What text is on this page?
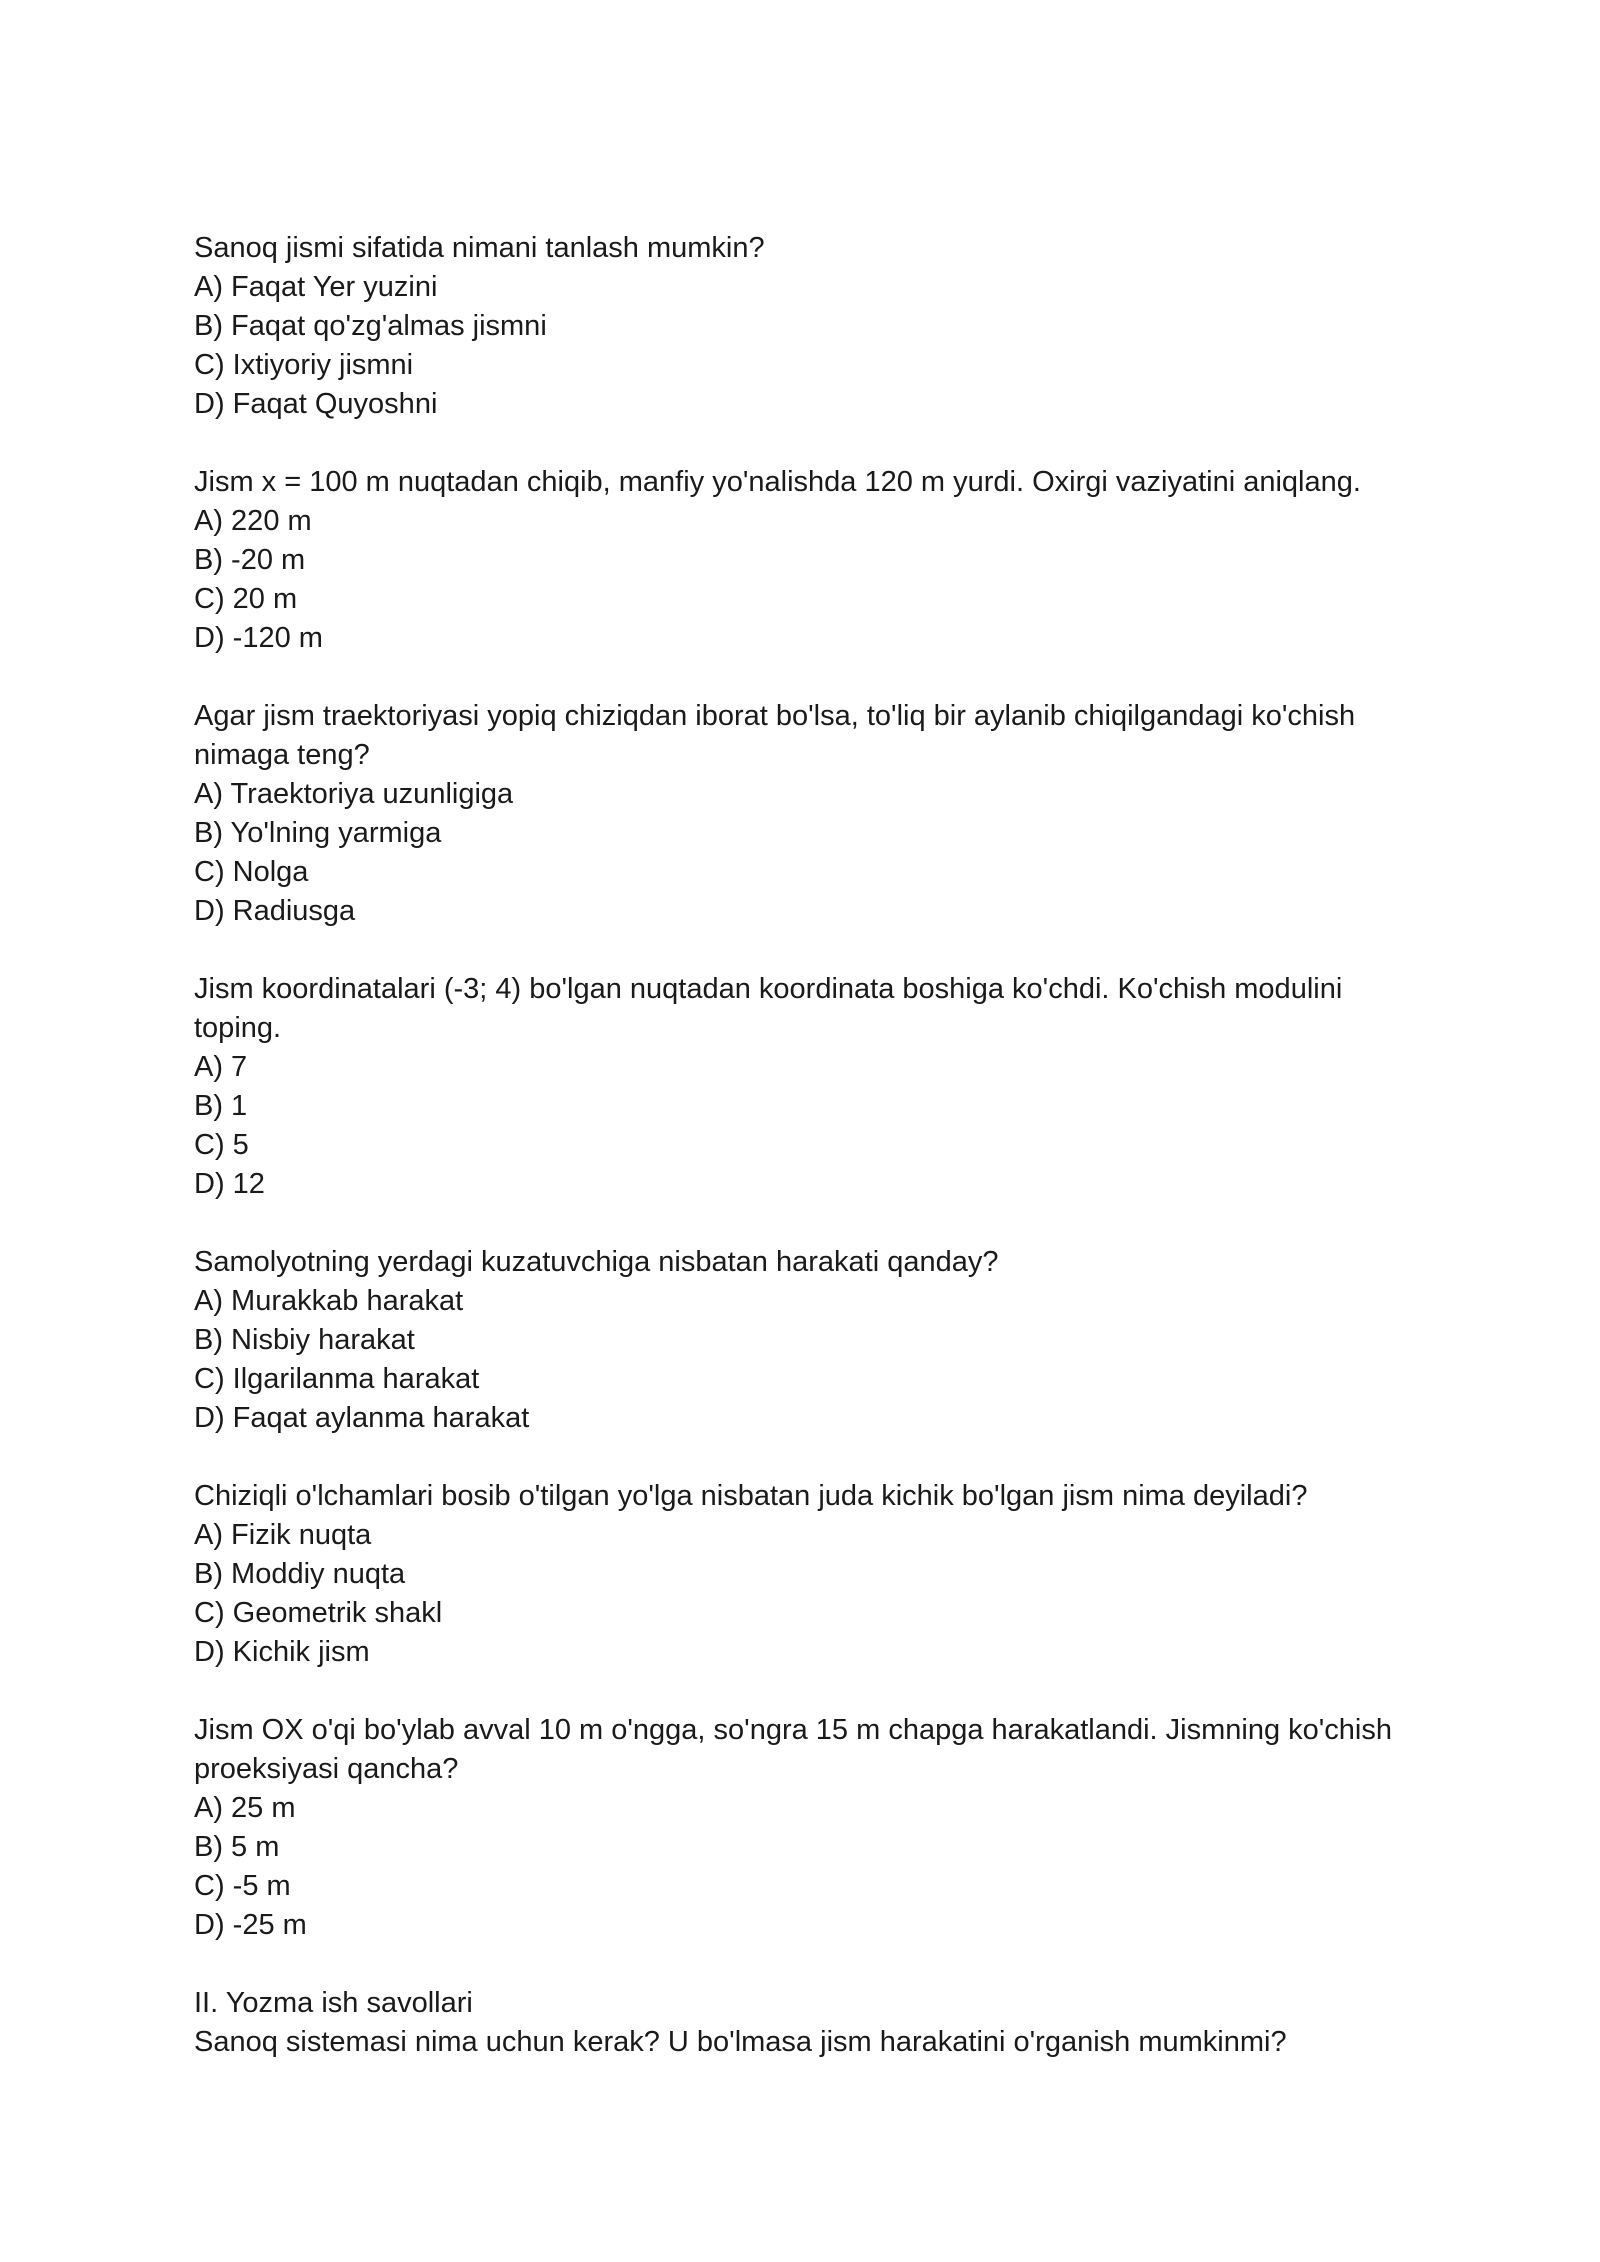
Sanoq jismi sifatida nimani tanlash mumkin?
A) Faqat Yer yuzini
B) Faqat qo'zg'almas jismni
C) Ixtiyoriy jismni
D) Faqat Quyoshni
Jism x = 100 m nuqtadan chiqib, manfiy yo'nalishda 120 m yurdi. Oxirgi vaziyatini aniqlang.
A) 220 m
B) -20 m
C) 20 m
D) -120 m
Agar jism traektoriyasi yopiq chiziqdan iborat bo'lsa, to'liq bir aylanib chiqilgandagi ko'chish nimaga teng?
A) Traektoriya uzunligiga
B) Yo'lning yarmiga
C) Nolga
D) Radiusga
Jism koordinatalari (-3; 4) bo'lgan nuqtadan koordinata boshiga ko'chdi. Ko'chish modulini toping.
A) 7
B) 1
C) 5
D) 12
Samolyotning yerdagi kuzatuvchiga nisbatan harakati qanday?
A) Murakkab harakat
B) Nisbiy harakat
C) Ilgarilanma harakat
D) Faqat aylanma harakat
Chiziqli o'lchamlari bosib o'tilgan yo'lga nisbatan juda kichik bo'lgan jism nima deyiladi?
A) Fizik nuqta
B) Moddiy nuqta
C) Geometrik shakl
D) Kichik jism
Jism OX o'qi bo'ylab avval 10 m o'ngga, so'ngra 15 m chapga harakatlandi. Jismning ko'chish proeksiyasi qancha?
A) 25 m
B) 5 m
C) -5 m
D) -25 m
II. Yozma ish savollari
Sanoq sistemasi nima uchun kerak? U bo'lmasa jism harakatini o'rganish mumkinmi?
